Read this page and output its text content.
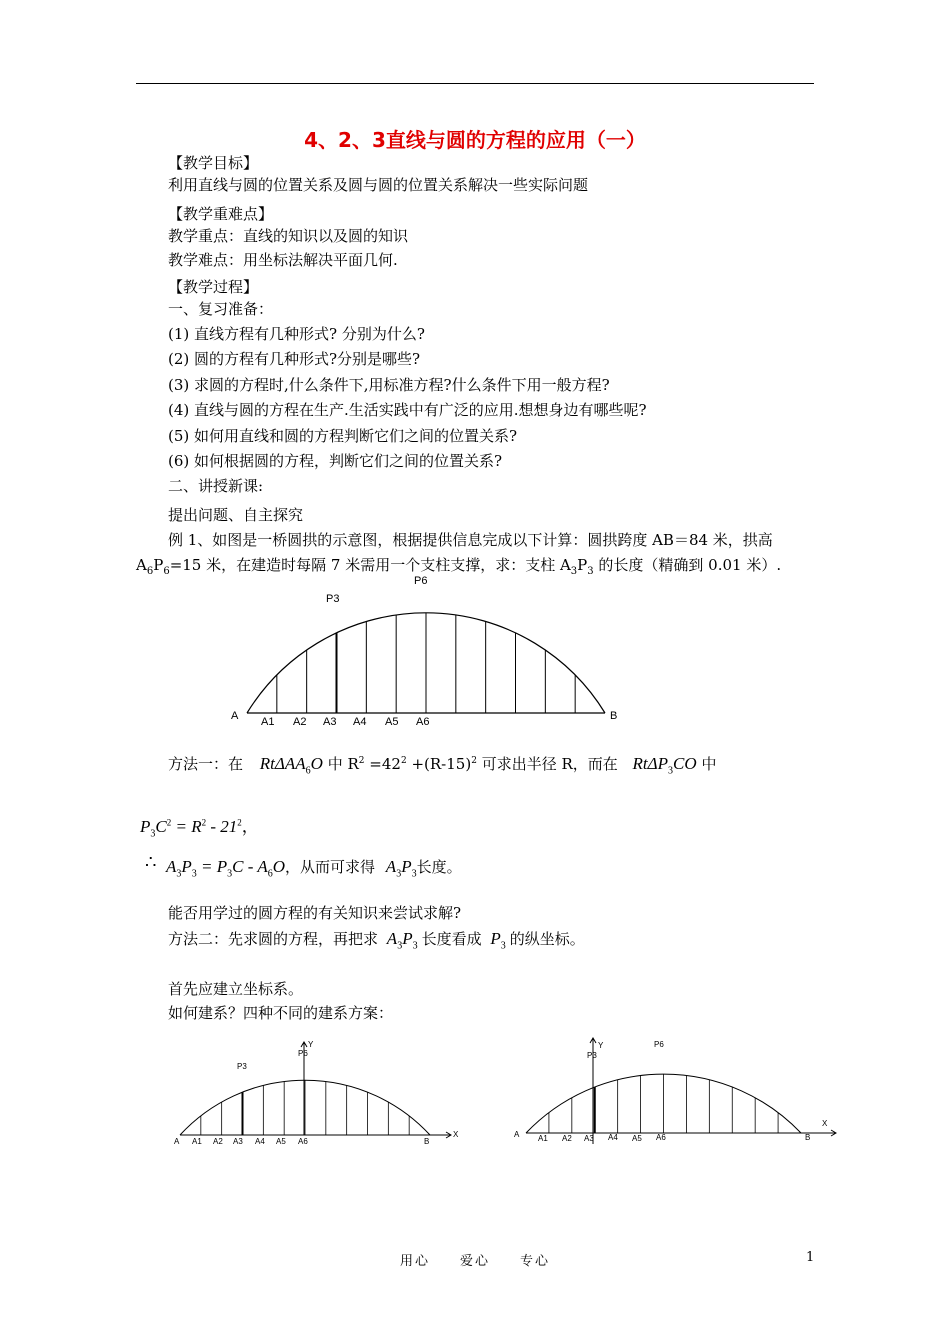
4、2、3直线与圆的方程的应用（一）
【教学目标】
利用直线与圆的位置关系及圆与圆的位置关系解决一些实际问题
【教学重难点】
教学重点：直线的知识以及圆的知识
教学难点：用坐标法解决平面几何.
【教学过程】
一、复习准备：
(1) 直线方程有几种形式? 分别为什么?
(2) 圆的方程有几种形式?分别是哪些?
(3) 求圆的方程时,什么条件下,用标准方程?什么条件下用一般方程?
(4) 直线与圆的方程在生产.生活实践中有广泛的应用.想想身边有哪些呢?
(5) 如何用直线和圆的方程判断它们之间的位置关系?
(6) 如何根据圆的方程，判断它们之间的位置关系?
二、讲授新课:
提出问题、自主探究
例 1、如图是一桥圆拱的示意图，根据提供信息完成以下计算：圆拱跨度 AB＝84 米，拱高
$A_6P_6=15$ 米，在建造时每隔 7 米需用一个支柱支撑，求：支柱 $A_3P_3$ 的长度（精确到 0.01 米）.
A	B
A1 A2 A3 A4 A5 A6
P3
P6
方法一：在 RtΔAA$_6$O 中 $R^2 =42^2 +(R-15)^2$ 可求出半径 R，而在 RtΔP$_3$CO 中
$P_3C^2 = R^2 - 21^2$，
∴ $A_3P_3 = P_3C - A_6O$，从而可求得 $A_3P_3$长度。
能否用学过的圆方程的有关知识来尝试求解?
方法二：先求圆的方程，再把求 $A_3P_3$ 长度看成 $P_3$ 的纵坐标。
首先应建立坐标系。
如何建系？四种不同的建系方案：
A	B
X
Y
A1 A2 A3 A4 A5 A6
P3
P6
A	B
X
Y
A1 A2 A3 A4 A5 A6
P3
P6
用心　　爱心　　专心	1
